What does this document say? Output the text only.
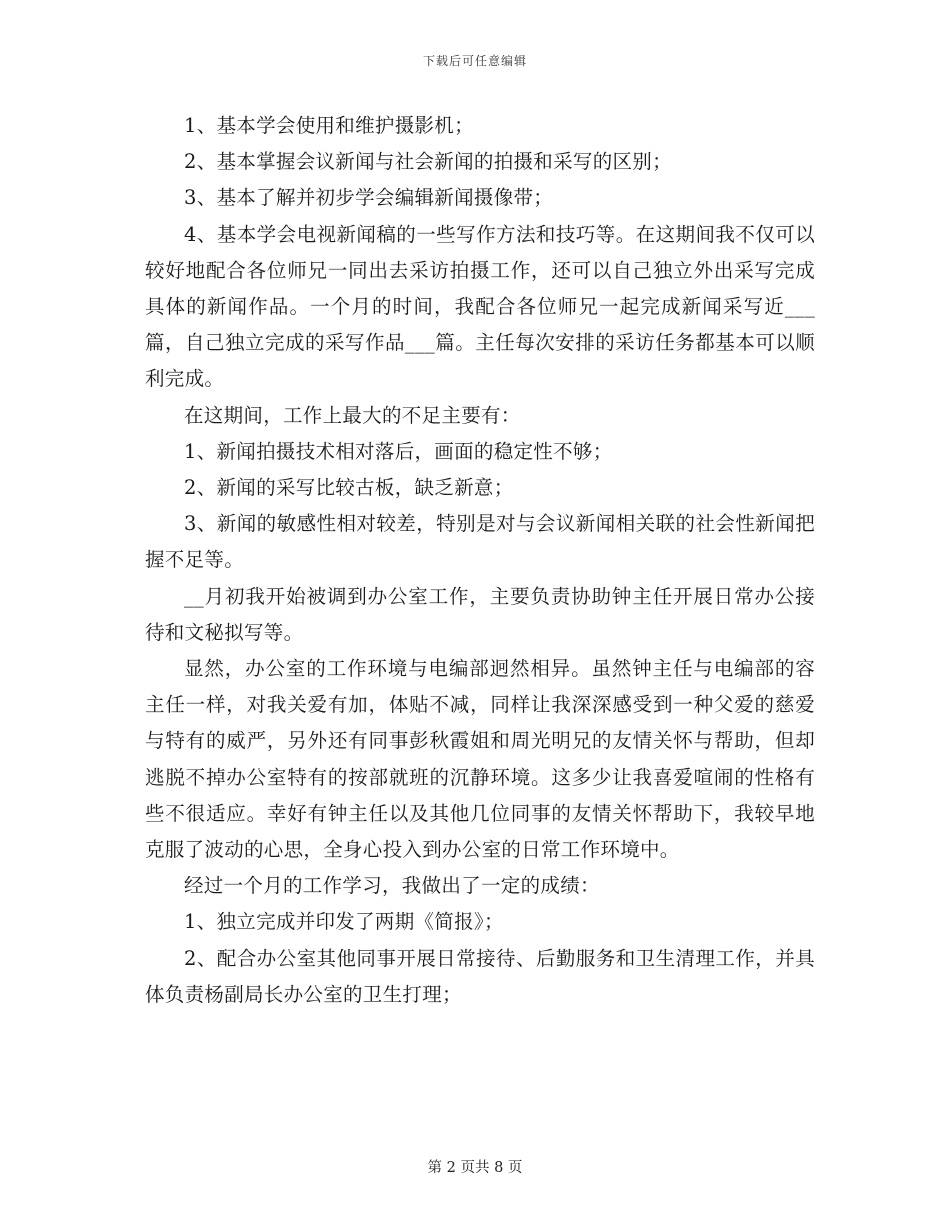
下载后可任意编辑

1、基本学会使用和维护摄影机；

2、基本掌握会议新闻与社会新闻的拍摄和采写的区别；

3、基本了解并初步学会编辑新闻摄像带；

4、基本学会电视新闻稿的一些写作方法和技巧等。在这期间我不仅可以较好地配合各位师兄一同出去采访拍摄工作，还可以自己独立外出采写完成具体的新闻作品。一个月的时间，我配合各位师兄一起完成新闻采写近___篇，自己独立完成的采写作品___篇。主任每次安排的采访任务都基本可以顺利完成。

在这期间，工作上最大的不足主要有：

1、新闻拍摄技术相对落后，画面的稳定性不够；

2、新闻的采写比较古板，缺乏新意；

3、新闻的敏感性相对较差，特别是对与会议新闻相关联的社会性新闻把握不足等。

__月初我开始被调到办公室工作，主要负责协助钟主任开展日常办公接待和文秘拟写等。

显然，办公室的工作环境与电编部迥然相异。虽然钟主任与电编部的容主任一样，对我关爱有加，体贴不减，同样让我深深感受到一种父爱的慈爱与特有的威严，另外还有同事彭秋霞姐和周光明兄的友情关怀与帮助，但却逃脱不掉办公室特有的按部就班的沉静环境。这多少让我喜爱喧闹的性格有些不很适应。幸好有钟主任以及其他几位同事的友情关怀帮助下，我较早地克服了波动的心思，全身心投入到办公室的日常工作环境中。

经过一个月的工作学习，我做出了一定的成绩：

1、独立完成并印发了两期《简报》；

2、配合办公室其他同事开展日常接待、后勤服务和卫生清理工作，并具体负责杨副局长办公室的卫生打理；

第 2 页共 8 页
